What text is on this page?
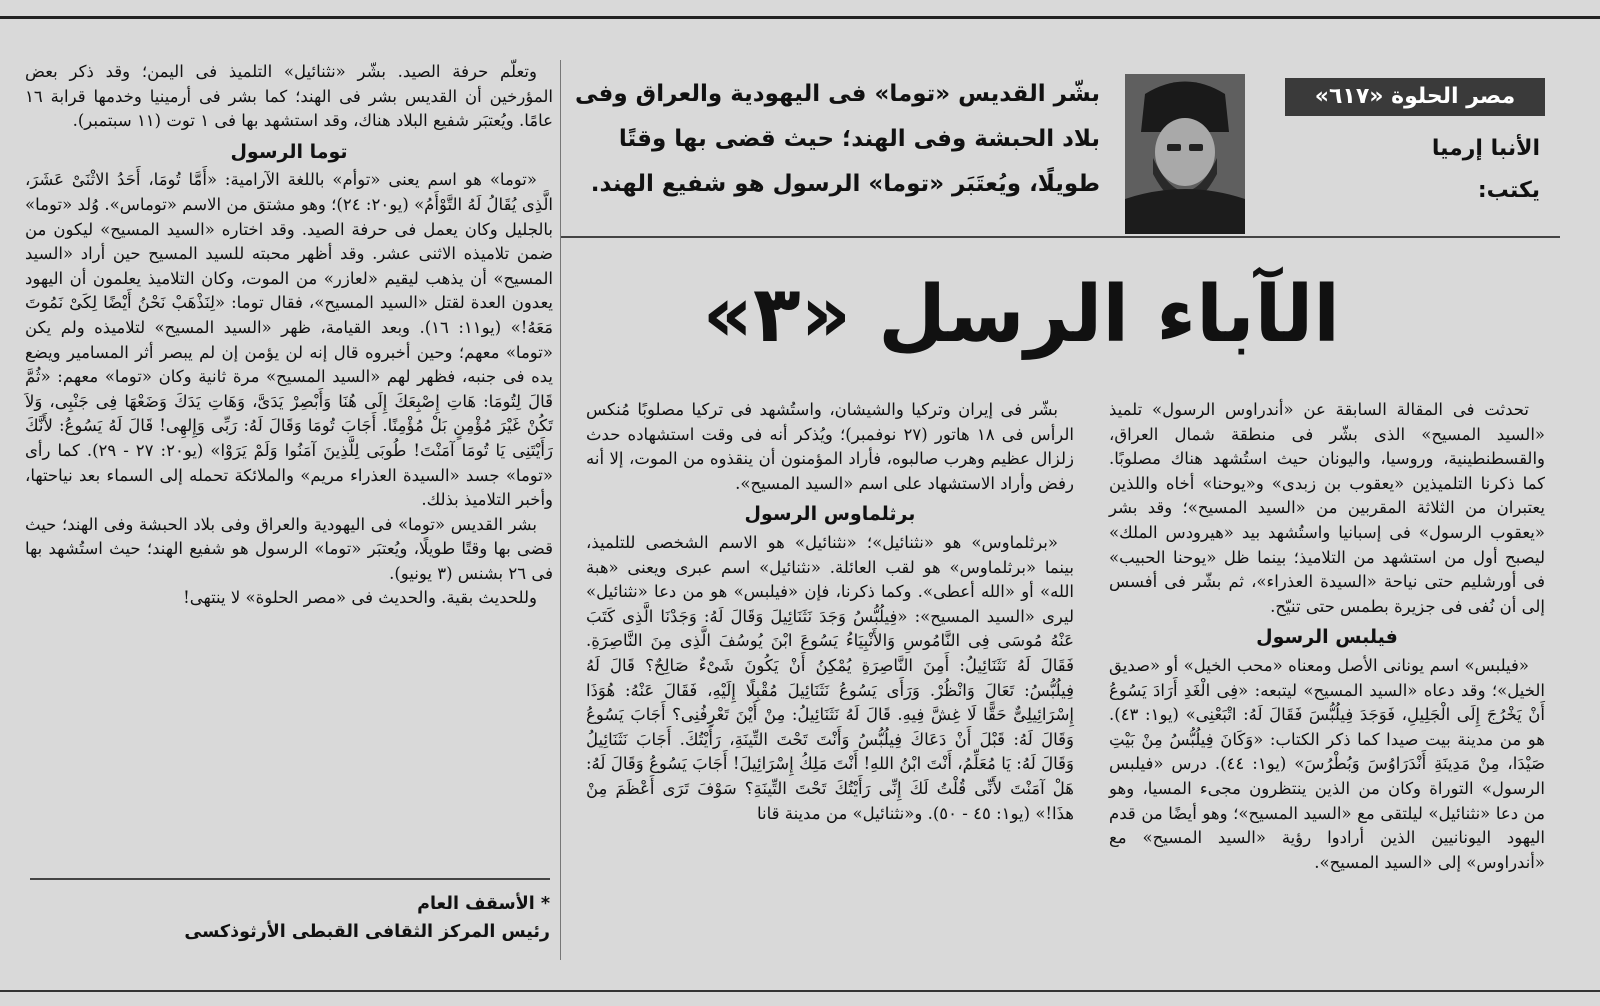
مصر الحلوة «٦١٧»
الأنبا إرميا
يكتب:
بشّر القديس «توما» فى اليهودية والعراق وفى بلاد الحبشة وفى الهند؛ حيث قضى بها وقتًا طويلًا، ويُعتَبَر «توما» الرسول هو شفيع الهند.
الآباء الرسل «٣»

تحدثت فى المقالة السابقة عن «أندراوس الرسول» تلميذ «السيد المسيح» الذى بشّر فى منطقة شمال العراق، والقسطنطينية، وروسيا، واليونان حيث استُشهد هناك مصلوبًا. كما ذكرنا التلميذين «يعقوب بن زبدى» و«يوحنا» أخاه واللذين يعتبران من الثلاثة المقربين من «السيد المسيح»؛ وقد بشر «يعقوب الرسول» فى إسبانيا واستُشهد بيد «هيرودس الملك» ليصبح أول من استشهد من التلاميذ؛ بينما ظل «يوحنا الحبيب» فى أورشليم حتى نياحة «السيدة العذراء»، ثم بشّر فى أفسس إلى أن نُفى فى جزيرة بطمس حتى تنيّح.

فيلبس الرسول

«فيلبس» اسم يونانى الأصل ومعناه «محب الخيل» أو «صديق الخيل»؛ وقد دعاه «السيد المسيح» ليتبعه: «فِى الْغَدِ أَرَادَ يَسُوعُ أَنْ يَخْرُجَ إِلَى الْجَلِيلِ، فَوَجَدَ فِيلُبُّسَ فَقَالَ لَهُ: اتْبَعْنِى» (يو١: ٤٣). هو من مدينة بيت صيدا كما ذكر الكتاب: «وَكَانَ فِيلُبُّسُ مِنْ بَيْتِ صَيْدَا، مِنْ مَدِينَةِ أَنْدَرَاوُسَ وَبُطْرُسَ» (يو١: ٤٤). درس «فيلبس الرسول» التوراة وكان من الذين ينتظرون مجىء المسيا، وهو من دعا «نثنائيل» ليلتقى مع «السيد المسيح»؛ وهو أيضًا من قدم اليهود اليونانيين الذين أرادوا رؤية «السيد المسيح» مع «أندراوس» إلى «السيد المسيح».

بشّر فى إيران وتركيا والشيشان، واستُشهد فى تركيا مصلوبًا مُنكس الرأس فى ١٨ هاتور (٢٧ نوفمبر)؛ ويُذكر أنه فى وقت استشهاده حدث زلزال عظيم وهرب صالبوه، فأراد المؤمنون أن ينقذوه من الموت، إلا أنه رفض وأراد الاستشهاد على اسم «السيد المسيح».

برثلماوس الرسول

«برثلماوس» هو «نثنائيل»؛ «نثنائيل» هو الاسم الشخصى للتلميذ، بينما «برثلماوس» هو لقب العائلة. «نثنائيل» اسم عبرى ويعنى «هبة الله» أو «الله أعطى». وكما ذكرنا، فإن «فيلبس» هو من دعا «نثنائيل» ليرى «السيد المسيح»: «فِيلُبُّسُ وَجَدَ نَثَنَائِيلَ وَقَالَ لَهُ: وَجَدْنَا الَّذِى كَتَبَ عَنْهُ مُوسَى فِى النَّامُوسِ وَالأَنْبِيَاءُ يَسُوعَ ابْنَ يُوسُفَ الَّذِى مِنَ النَّاصِرَةِ. فَقَالَ لَهُ نَثَنَائِيلُ: أَمِنَ النَّاصِرَةِ يُمْكِنُ أَنْ يَكُونَ شَىْءٌ صَالِحٌ؟ قَالَ لَهُ فِيلُبُّسُ: تَعَالَ وَانْظُرْ. وَرَأَى يَسُوعُ نَثَنَائِيلَ مُقْبِلًا إِلَيْهِ، فَقَالَ عَنْهُ: هُوَذَا إِسْرَائِيلِىٌّ حَقًّا لَا غِشَّ فِيهِ. قَالَ لَهُ نَثَنَائِيلُ: مِنْ أَيْنَ تَعْرِفُنِى؟ أَجَابَ يَسُوعُ وَقَالَ لَهُ: قَبْلَ أَنْ دَعَاكَ فِيلُبُّسُ وَأَنْتَ تَحْتَ التِّينَةِ، رَأَيْتُكَ. أَجَابَ نَثَنَائِيلُ وَقَالَ لَهُ: يَا مُعَلِّمُ، أَنْتَ ابْنُ اللهِ! أَنْتَ مَلِكُ إِسْرَائِيلَ! أَجَابَ يَسُوعُ وَقَالَ لَهُ: هَلْ آمَنْتَ لأَنِّى قُلْتُ لَكَ إِنِّى رَأَيْتُكَ تَحْتَ التِّينَةِ؟ سَوْفَ تَرَى أَعْظَمَ مِنْ هذَا!» (يو١: ٤٥ - ٥٠). و«نثنائيل» من مدينة قانا

وتعلّم حرفة الصيد. بشّر «نثنائيل» التلميذ فى اليمن؛ وقد ذكر بعض المؤرخين أن القديس بشر فى الهند؛ كما بشر فى أرمينيا وخدمها قرابة ١٦ عامًا. ويُعتبَر شفيع البلاد هناك، وقد استشهد بها فى ١ توت (١١ سبتمبر).

توما الرسول

«توما» هو اسم يعنى «توأم» باللغة الآرامية: «أَمَّا تُومَا، أَحَدُ الاثْنَىْ عَشَرَ، الَّذِى يُقَالُ لَهُ التَّوْأَمُ» (يو٢٠: ٢٤)؛ وهو مشتق من الاسم «توماس». وُلد «توما» بالجليل وكان يعمل فى حرفة الصيد. وقد اختاره «السيد المسيح» ليكون من ضمن تلاميذه الاثنى عشر. وقد أظهر محبته للسيد المسيح حين أراد «السيد المسيح» أن يذهب ليقيم «لعازر» من الموت، وكان التلاميذ يعلمون أن اليهود يعدون العدة لقتل «السيد المسيح»، فقال توما: «لِنَذْهَبْ نَحْنُ أَيْضًا لِكَىْ نَمُوتَ مَعَهُ!» (يو١١: ١٦). وبعد القيامة، ظهر «السيد المسيح» لتلاميذه ولم يكن «توما» معهم؛ وحين أخبروه قال إنه لن يؤمن إن لم يبصر أثر المسامير ويضع يده فى جنبه، فظهر لهم «السيد المسيح» مرة ثانية وكان «توما» معهم: «ثُمَّ قَالَ لِتُومَا: هَاتِ إِصْبِعَكَ إِلَى هُنَا وَأَبْصِرْ يَدَىَّ، وَهَاتِ يَدَكَ وَضَعْهَا فِى جَنْبِى، وَلاَ تَكُنْ غَيْرَ مُؤْمِنٍ بَلْ مُؤْمِنًا. أَجَابَ تُومَا وَقَالَ لَهُ: رَبِّى وَإِلهِى! قَالَ لَهُ يَسُوعُ: لأَنَّكَ رَأَيْتَنِى يَا تُومَا آمَنْتَ! طُوبَى لِلَّذِينَ آمَنُوا وَلَمْ يَرَوْا» (يو٢٠: ٢٧ - ٢٩). كما رأى «توما» جسد «السيدة العذراء مريم» والملائكة تحمله إلى السماء بعد نياحتها، وأخبر التلاميذ بذلك.

بشر القديس «توما» فى اليهودية والعراق وفى بلاد الحبشة وفى الهند؛ حيث قضى بها وقتًا طويلًا، ويُعتبَر «توما» الرسول هو شفيع الهند؛ حيث استُشهد بها فى ٢٦ بشنس (٣ يونيو).

وللحديث بقية. والحديث فى «مصر الحلوة» لا ينتهى!

* الأسقف العام
رئيس المركز الثقافى القبطى الأرثوذكسى
